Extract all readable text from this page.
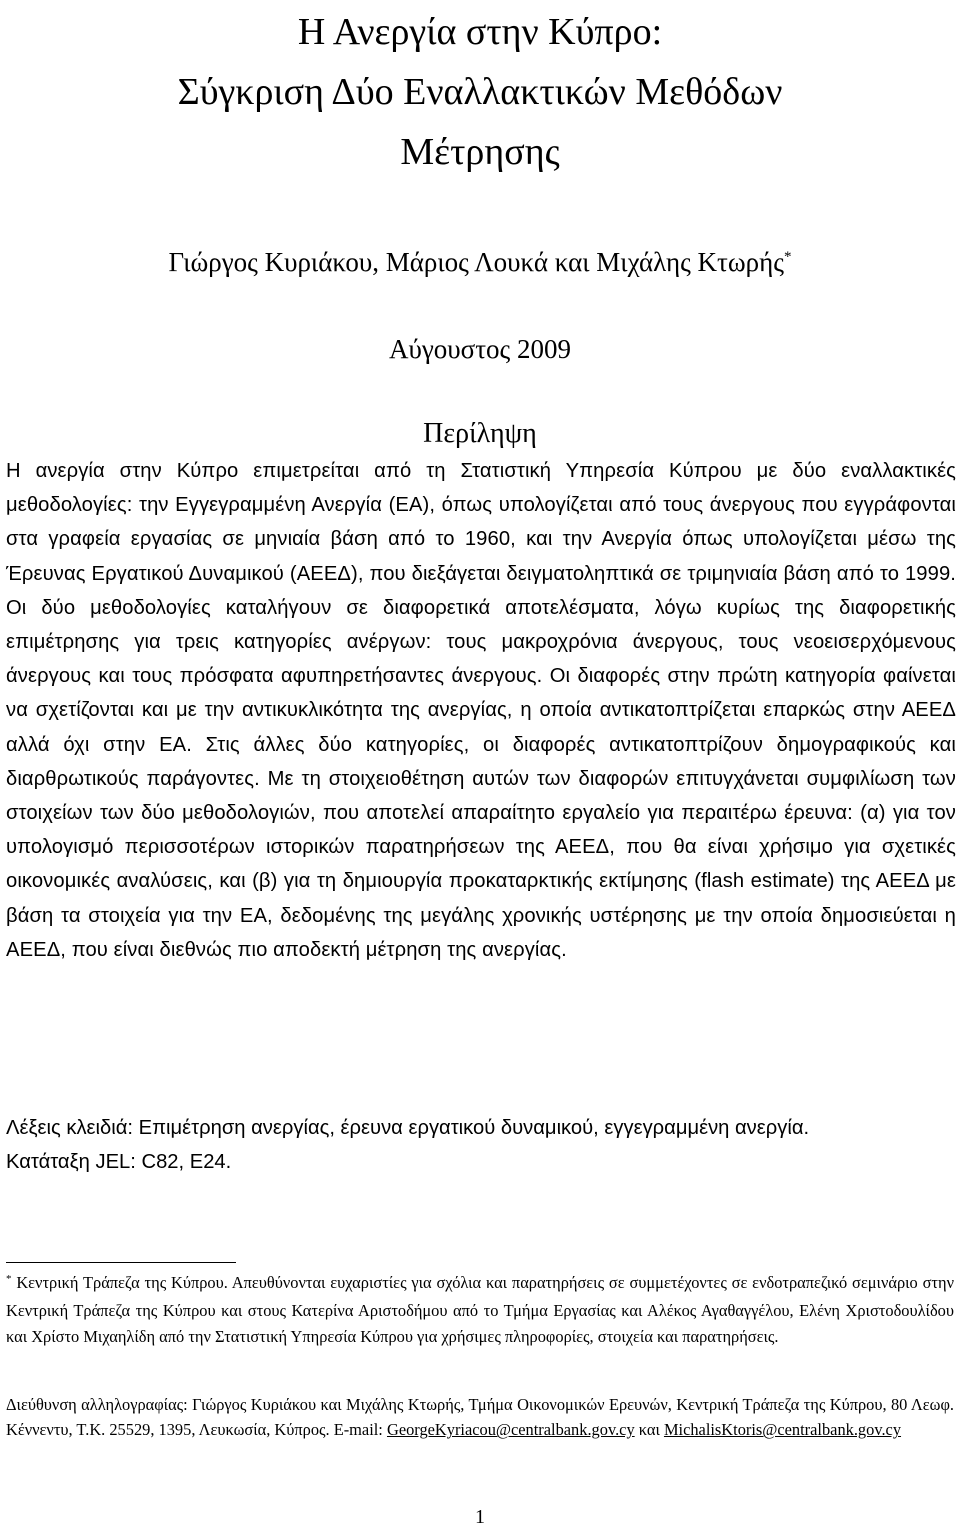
Η Ανεργία στην Κύπρο:
Σύγκριση Δύο Εναλλακτικών Μεθόδων
Μέτρησης
Γιώργος Κυριάκου, Μάριος Λουκά και Μιχάλης Κτωρής*
Αύγουστος 2009
Περίληψη

Η ανεργία στην Κύπρο επιμετρείται από τη Στατιστική Υπηρεσία Κύπρου με δύο εναλλακτικές μεθοδολογίες: την Εγγεγραμμένη Ανεργία (ΕΑ), όπως υπολογίζεται από τους άνεργους που εγγράφονται στα γραφεία εργασίας σε μηνιαία βάση από το 1960, και την Ανεργία όπως υπολογίζεται μέσω της Έρευνας Εργατικού Δυναμικού (ΑΕΕΔ), που διεξάγεται δειγματοληπτικά σε τριμηνιαία βάση από το 1999. Οι δύο μεθοδολογίες καταλήγουν σε διαφορετικά αποτελέσματα, λόγω κυρίως της διαφορετικής επιμέτρησης για τρεις κατηγορίες ανέργων: τους μακροχρόνια άνεργους, τους νεοεισερχόμενους άνεργους και τους πρόσφατα αφυπηρετήσαντες άνεργους. Οι διαφορές στην πρώτη κατηγορία φαίνεται να σχετίζονται και με την αντικυκλικότητα της ανεργίας, η οποία αντικατοπτρίζεται επαρκώς στην ΑΕΕΔ αλλά όχι στην ΕΑ. Στις άλλες δύο κατηγορίες, οι διαφορές αντικατοπτρίζουν δημογραφικούς και διαρθρωτικούς παράγοντες. Με τη στοιχειοθέτηση αυτών των διαφορών επιτυγχάνεται συμφιλίωση των στοιχείων των δύο μεθοδολογιών, που αποτελεί απαραίτητο εργαλείο για περαιτέρω έρευνα: (α) για τον υπολογισμό περισσοτέρων ιστορικών παρατηρήσεων της ΑΕΕΔ, που θα είναι χρήσιμο για σχετικές οικονομικές αναλύσεις, και (β) για τη δημιουργία προκαταρκτικής εκτίμησης (flash estimate) της ΑΕΕΔ με βάση τα στοιχεία για την ΕΑ, δεδομένης της μεγάλης χρονικής υστέρησης με την οποία δημοσιεύεται η ΑΕΕΔ, που είναι διεθνώς πιο αποδεκτή μέτρηση της ανεργίας.

Λέξεις κλειδιά: Επιμέτρηση ανεργίας, έρευνα εργατικού δυναμικού, εγγεγραμμένη ανεργία.
Κατάταξη JEL: C82, E24.
* Κεντρική Τράπεζα της Κύπρου. Απευθύνονται ευχαριστίες για σχόλια και παρατηρήσεις σε συμμετέχοντες σε ενδοτραπεζικό σεμινάριο στην Κεντρική Τράπεζα της Κύπρου και στους Κατερίνα Αριστοδήμου από το Τμήμα Εργασίας και Αλέκος Αγαθαγγέλου, Ελένη Χριστοδουλίδου και Χρίστο Μιχαηλίδη από την Στατιστική Υπηρεσία Κύπρου για χρήσιμες πληροφορίες, στοιχεία και παρατηρήσεις.
Διεύθυνση αλληλογραφίας: Γιώργος Κυριάκου και Μιχάλης Κτωρής, Τμήμα Οικονομικών Ερευνών, Κεντρική Τράπεζα της Κύπρου, 80 Λεωφ. Κέννεντυ, Τ.Κ. 25529, 1395, Λευκωσία, Κύπρος. E-mail: GeorgeKyriacou@centralbank.gov.cy και MichalisKtoris@centralbank.gov.cy
1
